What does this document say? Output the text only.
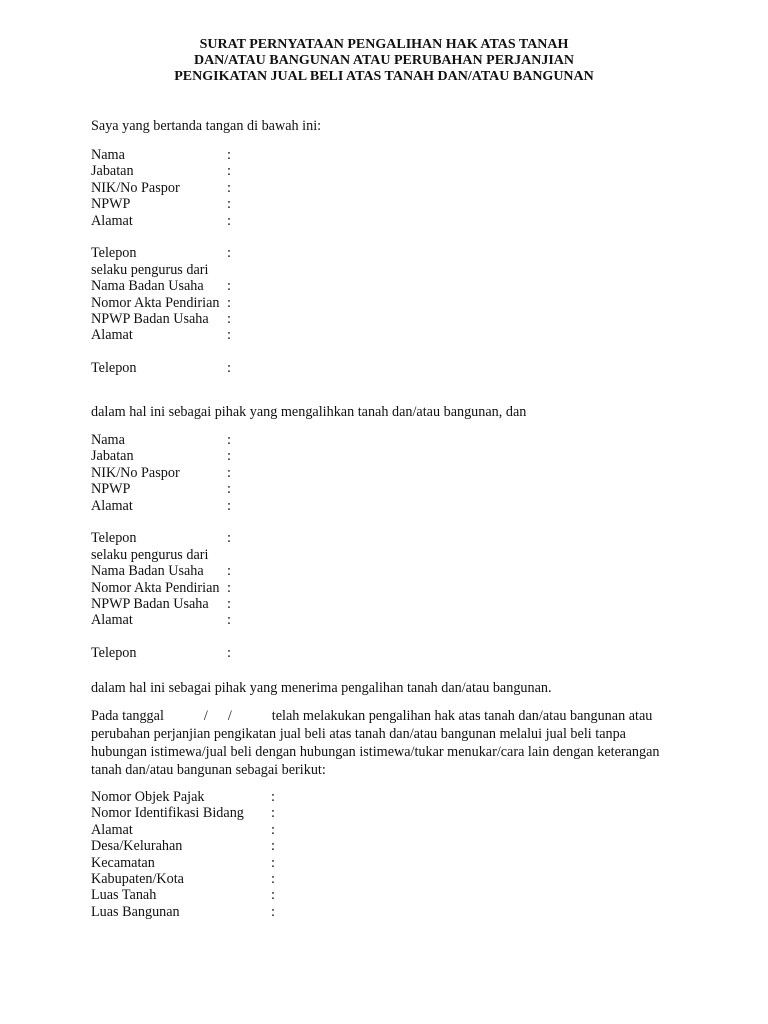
SURAT PERNYATAAN PENGALIHAN HAK ATAS TANAH
DAN/ATAU BANGUNAN ATAU PERUBAHAN PERJANJIAN
PENGIKATAN JUAL BELI ATAS TANAH DAN/ATAU BANGUNAN
Saya yang bertanda tangan di bawah ini:
Nama	:
Jabatan	:
NIK/No Paspor	:
NPWP	:
Alamat	:
Telepon	:
selaku pengurus dari
Nama Badan Usaha	:
Nomor Akta Pendirian :
NPWP Badan Usaha	:
Alamat	:
Telepon	:
dalam hal ini sebagai pihak yang mengalihkan tanah dan/atau bangunan, dan
Nama	:
Jabatan	:
NIK/No Paspor	:
NPWP	:
Alamat	:
Telepon	:
selaku pengurus dari
Nama Badan Usaha	:
Nomor Akta Pendirian :
NPWP Badan Usaha	:
Alamat	:
Telepon	:
dalam hal ini sebagai pihak yang menerima pengalihan tanah dan/atau bangunan.
Pada tanggal	/ /	telah melakukan pengalihan hak atas tanah dan/atau bangunan atau perubahan perjanjian pengikatan jual beli atas tanah dan/atau bangunan melalui jual beli tanpa hubungan istimewa/jual beli dengan hubungan istimewa/tukar menukar/cara lain dengan keterangan tanah dan/atau bangunan sebagai berikut:
Nomor Objek Pajak	:
Nomor Identifikasi Bidang	:
Alamat	:
Desa/Kelurahan	:
Kecamatan	:
Kabupaten/Kota	:
Luas Tanah	:
Luas Bangunan	:
